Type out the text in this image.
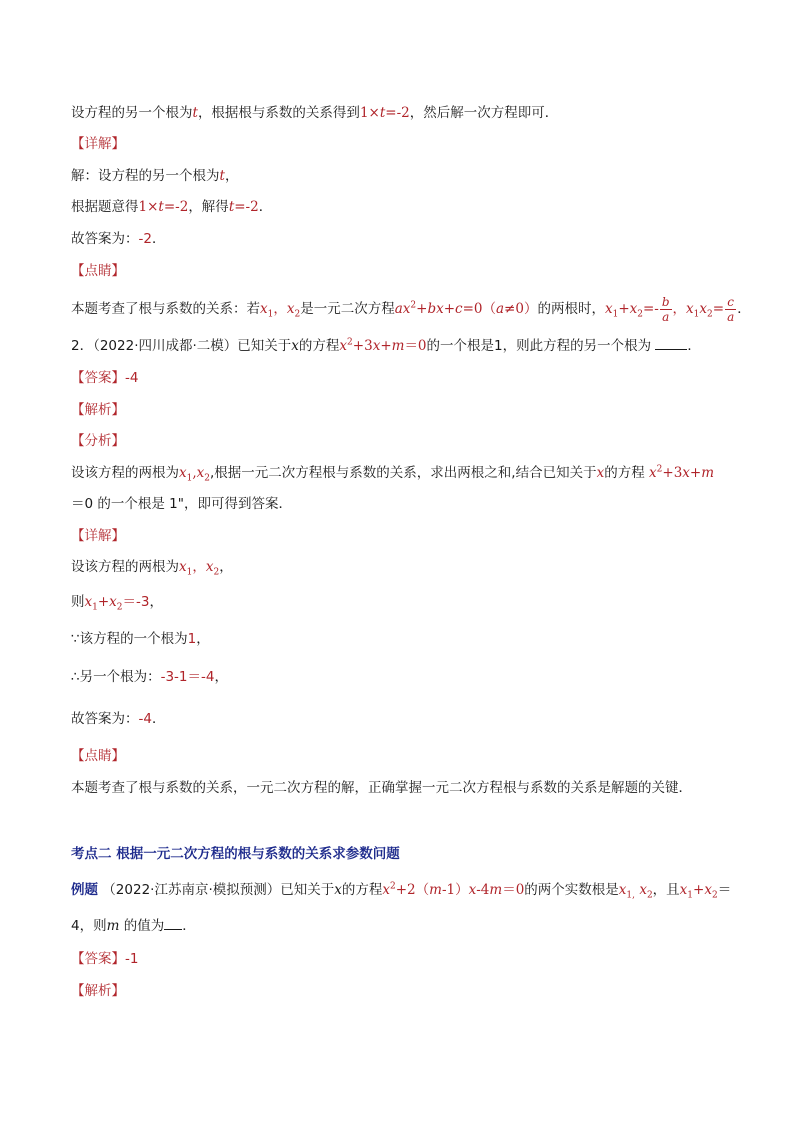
设方程的另一个根为t，根据根与系数的关系得到1×t=-2，然后解一次方程即可．
【详解】
解：设方程的另一个根为t，
根据题意得1×t=-2，解得t=-2．
故答案为：-2．
【点睛】
本题考查了根与系数的关系：若$x_1$，$x_2$是一元二次方程$ax^2+bx+c=0(a\ne 0)$的两根时，$x_1+x_2=- \frac{b}{a}$ ，$x_1x_2= \frac{c}{a}$ ．
2．（2022·四川成都·二模）已知关于x的方程$x^2+3x+m=0$的一个根是1，则此方程的另一个根为	．
【答案】-4
【解析】
【分析】
设该方程的两根为$x_1,x_2$,根据一元二次方程根与系数的关系，求出两根之和,结合已知关于x的方程 $x^2+3x+m$
＝0 的一个根是 1"，即可得到答案．
【详解】
设该方程的两根为$x_1$，$x_2$，
则$x_1+x_2=-3$，
∵该方程的一个根为1，
∴另一个根为：-3-1＝-4，
故答案为：-4．
【点睛】
本题考查了根与系数的关系，一元二次方程的解，正确掌握一元二次方程根与系数的关系是解题的关键．
考点二 根据一元二次方程的根与系数的关系求参数问题
例题 （2022·江苏南京·模拟预测）已知关于x的方程$x^2+2(m-1)x-4m=0$的两个实数根是$x_{1,}$ $x_2$，且$x_1+x_2=$
4，则m 的值为 ．
【答案】-1
【解析】
